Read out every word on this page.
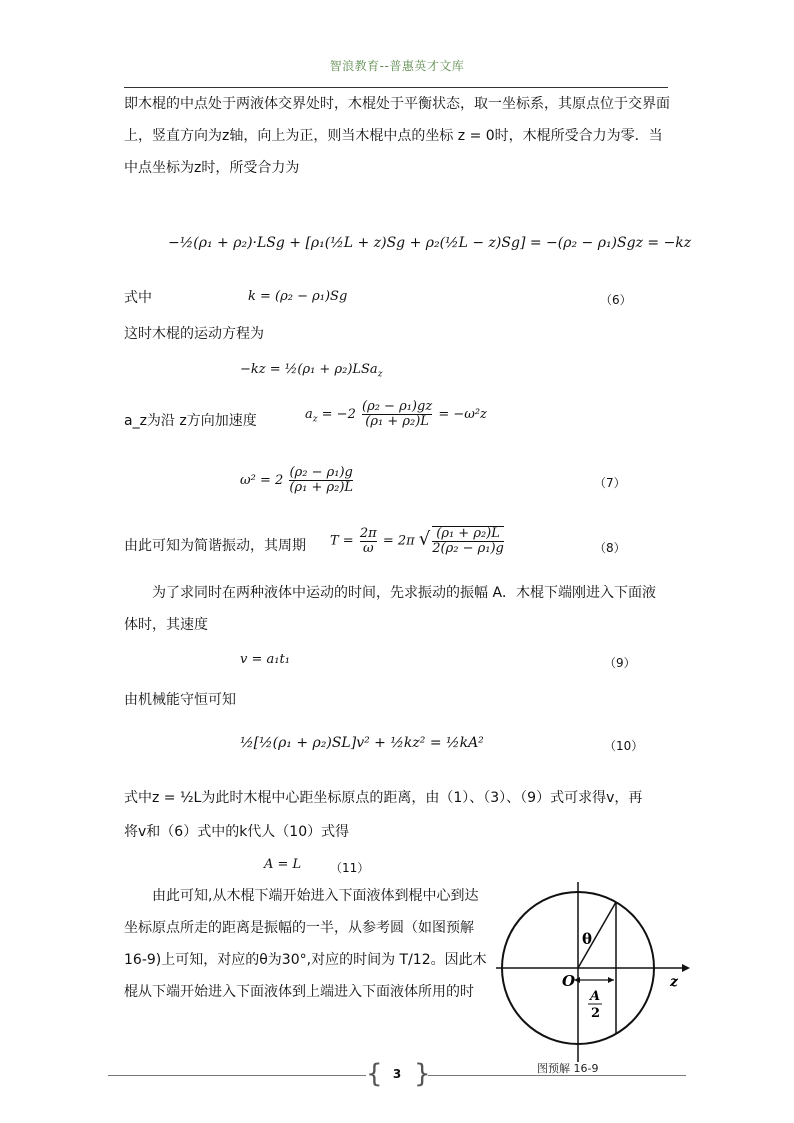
智浪教育--普惠英才文库
即木棍的中点处于两液体交界处时，木棍处于平衡状态，取一坐标系，其原点位于交界面
上，竖直方向为z轴，向上为正，则当木棍中点的坐标 z = 0时，木棍所受合力为零．当
中点坐标为z时，所受合力为
−½(ρ₁ + ρ₂)·LSg + [ρ₁(½L + z)Sg + ρ₂(½L − z)Sg] = −(ρ₂ − ρ₁)Sgz = −kz
式中	k = (ρ₂ − ρ₁)Sg	（6）
这时木棍的运动方程为
−kz = ½(ρ₁ + ρ₂)LSa$_z$
a_z为沿 z方向加速度	$a_z = -2 \frac{\text{(ρ₂ − ρ₁)gz}}{\text{(ρ₁ + ρ₂)L}} = -\omega^2z$
$\omega^2 = 2 \frac{\text{(ρ₂ − ρ₁)g}}{\text{(ρ₁ + ρ₂)L}}$	（7）
由此可知为简谐振动，其周期 $T = \frac{2\pi}{\omega} = 2\pi$ √ $\frac{\text{(ρ₁ + ρ₂)L}}{\text{2(ρ₂ − ρ₁)g}}$	（8）
为了求同时在两种液体中运动的时间，先求振动的振幅 A．木棍下端刚进入下面液
体时，其速度
v = a₁t₁	（9）
由机械能守恒可知
½[½(ρ₁ + ρ₂)SL]v² + ½kz² = ½kA²	（10）
式中z = ½L为此时木棍中心距坐标原点的距离，由（1）、（3）、（9）式可求得v，再
将v和（6）式中的k代人（10）式得
A = L （11）
由此可知,从木棍下端开始进入下面液体到棍中心到达
坐标原点所走的距离是振幅的一半，从参考圆（如图预解
16-9)上可知，对应的θ为30°,对应的时间为 T/12。因此木
棍从下端开始进入下面液体到上端进入下面液体所用的时
θ
O	z
A
2
图预解 16-9
{ }
3
